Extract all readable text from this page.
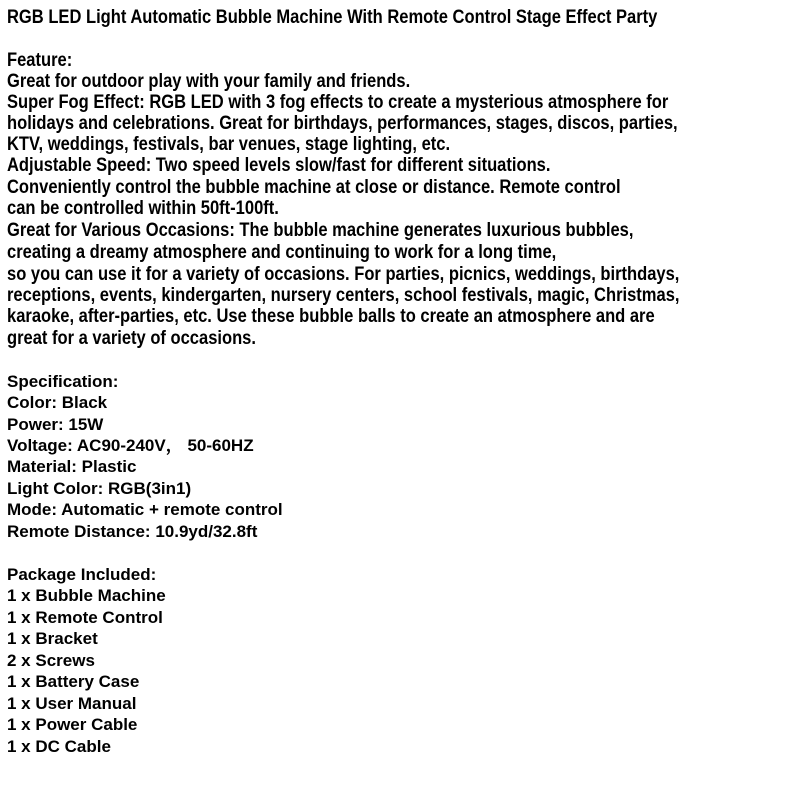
RGB LED Light Automatic Bubble Machine With Remote Control Stage Effect Party
Feature:
Great for outdoor play with your family and friends.
Super Fog Effect: RGB LED with 3 fog effects to create a mysterious atmosphere for
holidays and celebrations. Great for birthdays, performances, stages, discos, parties,
KTV, weddings, festivals, bar venues, stage lighting, etc.
Adjustable Speed: Two speed levels slow/fast for different situations.
Conveniently control the bubble machine at close or distance. Remote control
can be controlled within 50ft-100ft.
Great for Various Occasions: The bubble machine generates luxurious bubbles,
creating a dreamy atmosphere and continuing to work for a long time,
so you can use it for a variety of occasions. For parties, picnics, weddings, birthdays,
receptions, events, kindergarten, nursery centers, school festivals, magic, Christmas,
karaoke, after-parties, etc. Use these bubble balls to create an atmosphere and are
great for a variety of occasions.
Specification:
Color: Black
Power: 15W
Voltage: AC90-240V， 50-60HZ
Material: Plastic
Light Color: RGB(3in1)
Mode: Automatic + remote control
Remote Distance: 10.9yd/32.8ft
Package Included:
1 x Bubble Machine
1 x Remote Control
1 x Bracket
2 x Screws
1 x Battery Case
1 x User Manual
1 x Power Cable
1 x DC Cable
